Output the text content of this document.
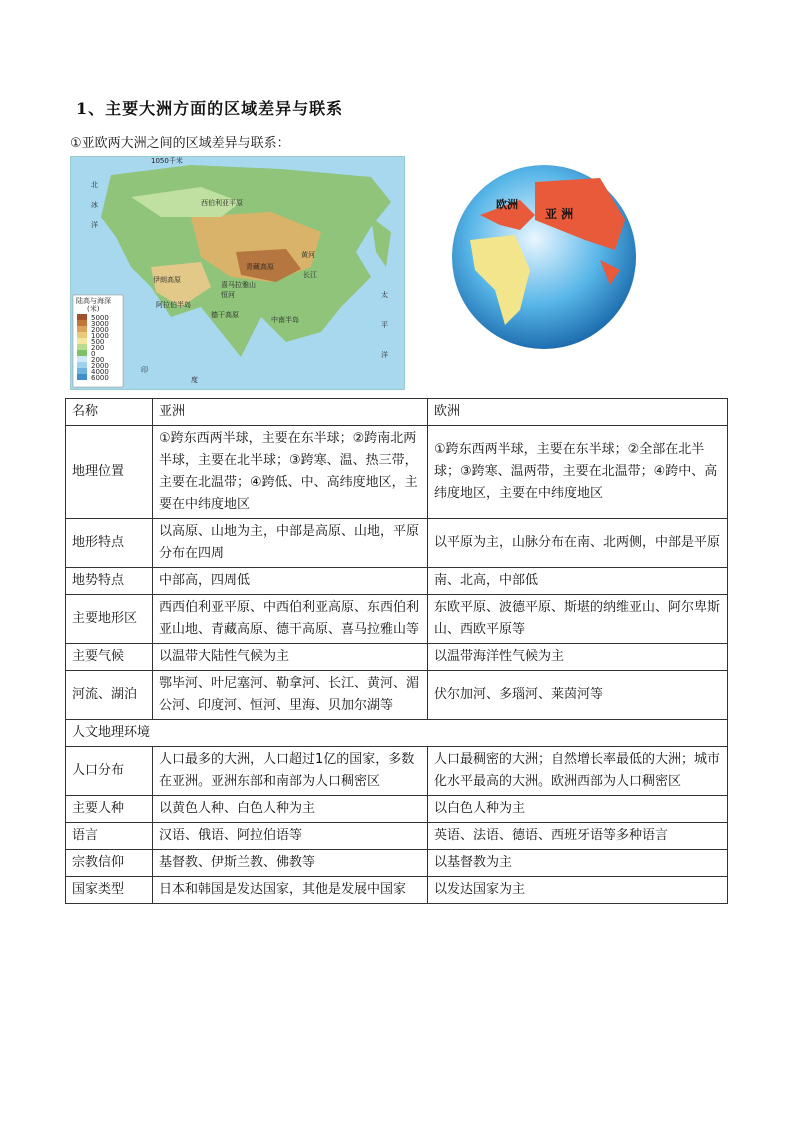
1、主要大洲方面的区域差异与联系
①亚欧两大洲之间的区域差异与联系：
1050千米
北
冰
洋
太
平
洋
印
度
西伯利亚平原
伊朗高原
青藏高原
德干高原
阿拉伯半岛
中南半岛
黄河
长江
恒河
喜马拉雅山
陆高与海深
(米)
5000
3000
2000
1000
500
200
0
200
2000
4000
6000
欧洲
亚 洲
名称	亚洲	欧洲
地理位置	①跨东西两半球，主要在东半球；②跨南北两半球，主要在北半球；③跨寒、温、热三带，主要在北温带；④跨低、中、高纬度地区，主要在中纬度地区	①跨东西两半球，主要在东半球；②全部在北半球；③跨寒、温两带，主要在北温带；④跨中、高纬度地区，主要在中纬度地区
地形特点	以高原、山地为主，中部是高原、山地，平原分布在四周	以平原为主，山脉分布在南、北两侧，中部是平原
地势特点	中部高，四周低	南、北高，中部低
主要地形区	西西伯利亚平原、中西伯利亚高原、东西伯利亚山地、青藏高原、德干高原、喜马拉雅山等	东欧平原、波德平原、斯堪的纳维亚山、阿尔卑斯山、西欧平原等
主要气候	以温带大陆性气候为主	以温带海洋性气候为主
河流、湖泊	鄂毕河、叶尼塞河、勒拿河、长江、黄河、湄公河、印度河、恒河、里海、贝加尔湖等	伏尔加河、多瑙河、莱茵河等
人文地理环境		
人口分布	人口最多的大洲，人口超过1亿的国家，多数在亚洲。亚洲东部和南部为人口稠密区	人口最稠密的大洲；自然增长率最低的大洲；城市化水平最高的大洲。欧洲西部为人口稠密区
主要人种	以黄色人种、白色人种为主	以白色人种为主
语言	汉语、俄语、阿拉伯语等	英语、法语、德语、西班牙语等多种语言
宗教信仰	基督教、伊斯兰教、佛教等	以基督教为主
国家类型	日本和韩国是发达国家，其他是发展中国家	以发达国家为主
